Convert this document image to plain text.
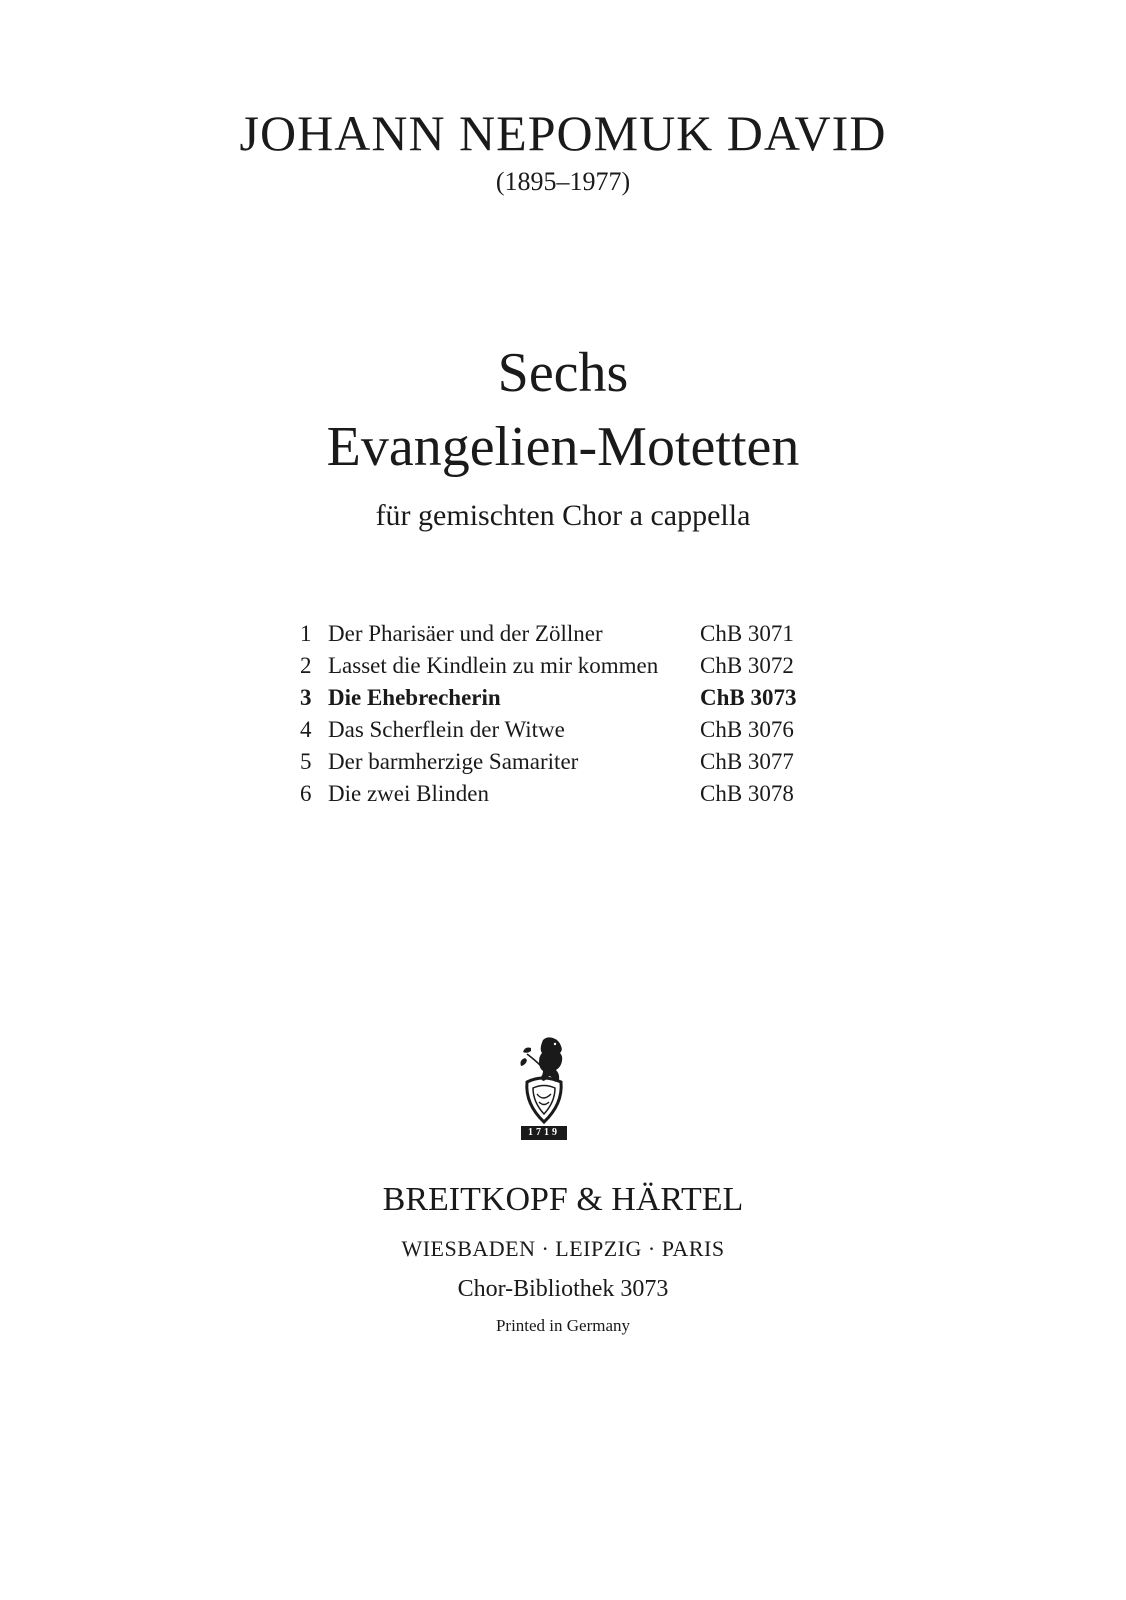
JOHANN NEPOMUK DAVID
(1895–1977)
Sechs
Evangelien-Motetten
für gemischten Chor a cappella
1 Der Pharisäer und der Zöllner	ChB 3071
2 Lasset die Kindlein zu mir kommen ChB 3072
3 Die Ehebrecherin	ChB 3073
4 Das Scherflein der Witwe	ChB 3076
5 Der barmherzige Samariter	ChB 3077
6 Die zwei Blinden	ChB 3078
1719
BREITKOPF & HÄRTEL
WIESBADEN · LEIPZIG · PARIS
Chor-Bibliothek 3073
Printed in Germany
